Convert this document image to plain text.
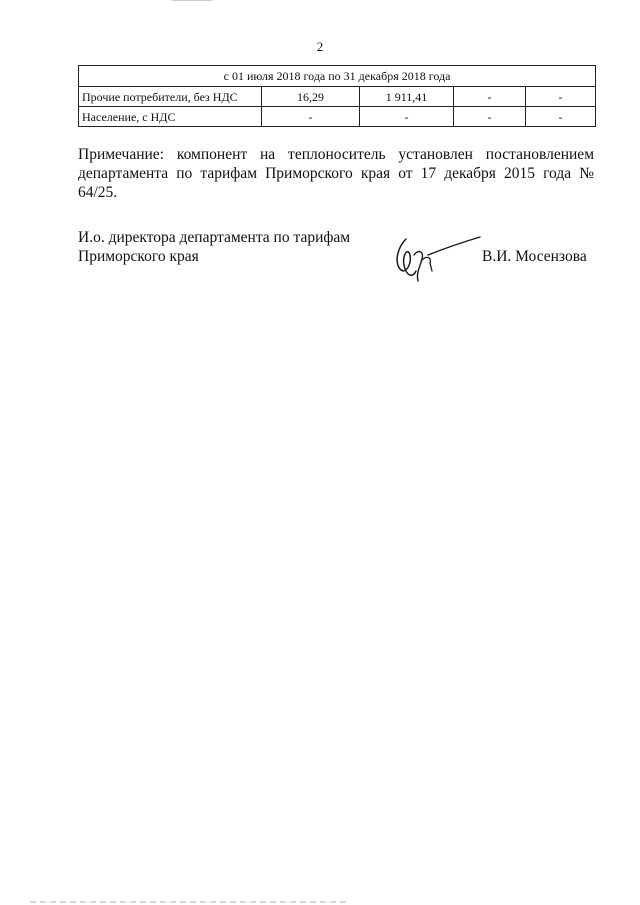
2
с 01 июля 2018 года по 31 декабря 2018 года				
Прочие потребители, без НДС	16,29	1 911,41	-	-
Население, с НДС	-	-	-	-
Примечание: компонент на теплоноситель установлен постановлением департамента по тарифам Приморского края от 17 декабря 2015 года № 64/25.
И.о. директора департамента по тарифам
Приморского края	В.И. Мосензова
